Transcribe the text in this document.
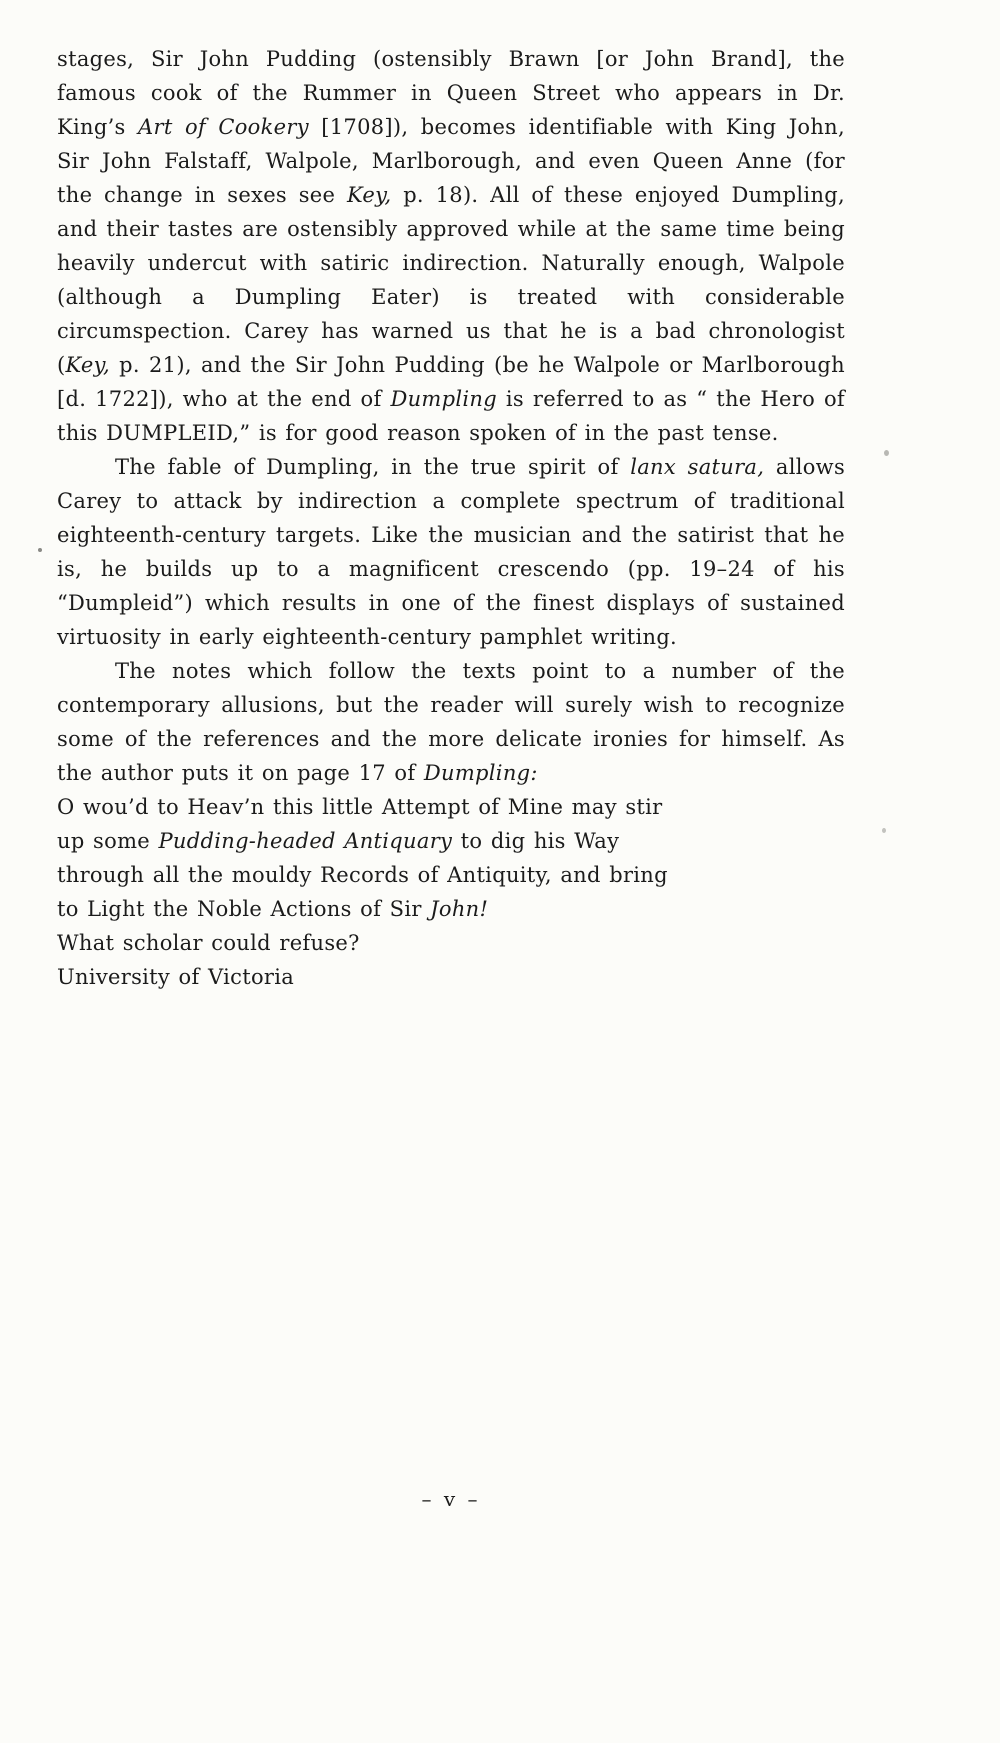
stages, Sir John Pudding (ostensibly Brawn [or John Brand], the famous cook of the Rummer in Queen Street who appears in Dr. King’s Art of Cookery [1708]), becomes identifiable with King John, Sir John Falstaff, Walpole, Marlborough, and even Queen Anne (for the change in sexes see Key, p. 18). All of these enjoyed Dumpling, and their tastes are ostensibly approved while at the same time being heavily undercut with satiric indirection. Naturally enough, Walpole (although a Dumpling Eater) is treated with considerable circumspection. Carey has warned us that he is a bad chronologist (Key, p. 21), and the Sir John Pudding (be he Walpole or Marlborough [d. 1722]), who at the end of Dumpling is referred to as “ the Hero of this DUMPLEID,” is for good reason spoken of in the past tense.

The fable of Dumpling, in the true spirit of lanx satura, allows Carey to attack by indirection a complete spectrum of traditional eighteenth-century targets. Like the musician and the satirist that he is, he builds up to a magnificent crescendo (pp. 19–24 of his “Dumpleid”) which results in one of the finest displays of sustained virtuosity in early eighteenth-century pamphlet writing.

The notes which follow the texts point to a number of the contemporary allusions, but the reader will surely wish to recognize some of the references and the more delicate ironies for himself. As the author puts it on page 17 of Dumpling:

O wou’d to Heav’n this little Attempt of Mine may stir up some Pudding-headed Antiquary to dig his Way through all the mouldy Records of Antiquity, and bring to Light the Noble Actions of Sir John!

What scholar could refuse?

University of Victoria

– v –
